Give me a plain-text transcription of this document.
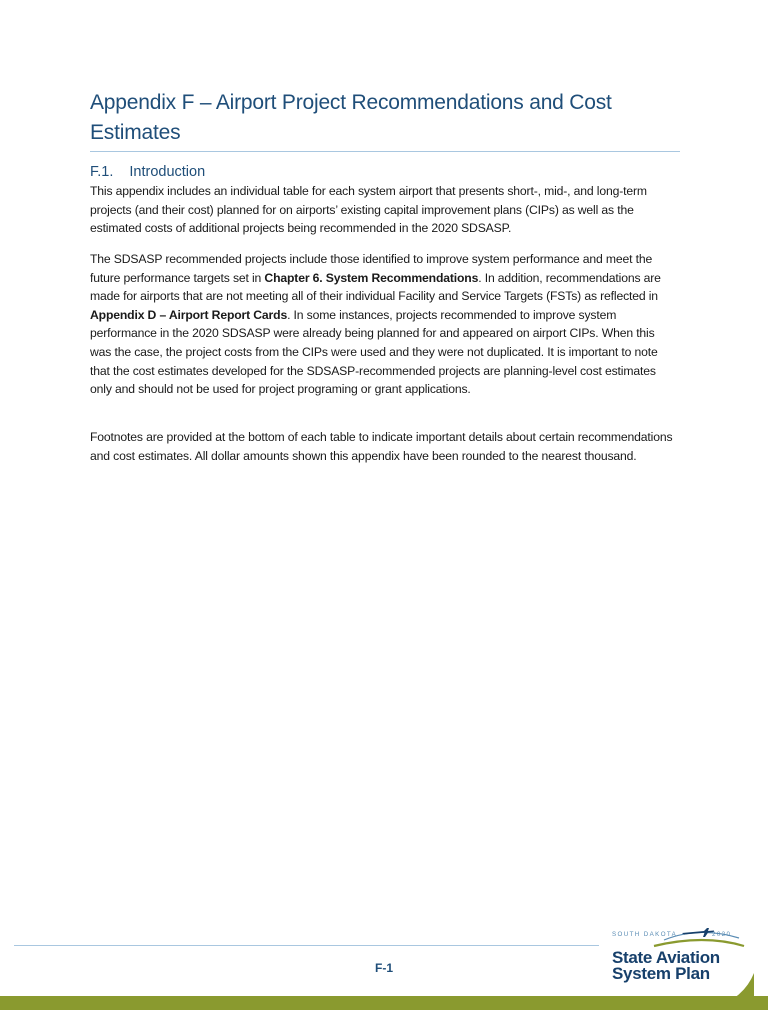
Appendix F – Airport Project Recommendations and Cost Estimates
F.1. Introduction

This appendix includes an individual table for each system airport that presents short-, mid-, and long-term projects (and their cost) planned for on airports’ existing capital improvement plans (CIPs) as well as the estimated costs of additional projects being recommended in the 2020 SDSASP.

The SDSASP recommended projects include those identified to improve system performance and meet the future performance targets set in Chapter 6. System Recommendations. In addition, recommendations are made for airports that are not meeting all of their individual Facility and Service Targets (FSTs) as reflected in Appendix D – Airport Report Cards. In some instances, projects recommended to improve system performance in the 2020 SDSASP were already being planned for and appeared on airport CIPs. When this was the case, the project costs from the CIPs were used and they were not duplicated. It is important to note that the cost estimates developed for the SDSASP-recommended projects are planning-level cost estimates only and should not be used for project programing or grant applications.

Footnotes are provided at the bottom of each table to indicate important details about certain recommendations and cost estimates. All dollar amounts shown this appendix have been rounded to the nearest thousand.

F-1
SOUTH DAKOTA	2020
State Aviation
System Plan
